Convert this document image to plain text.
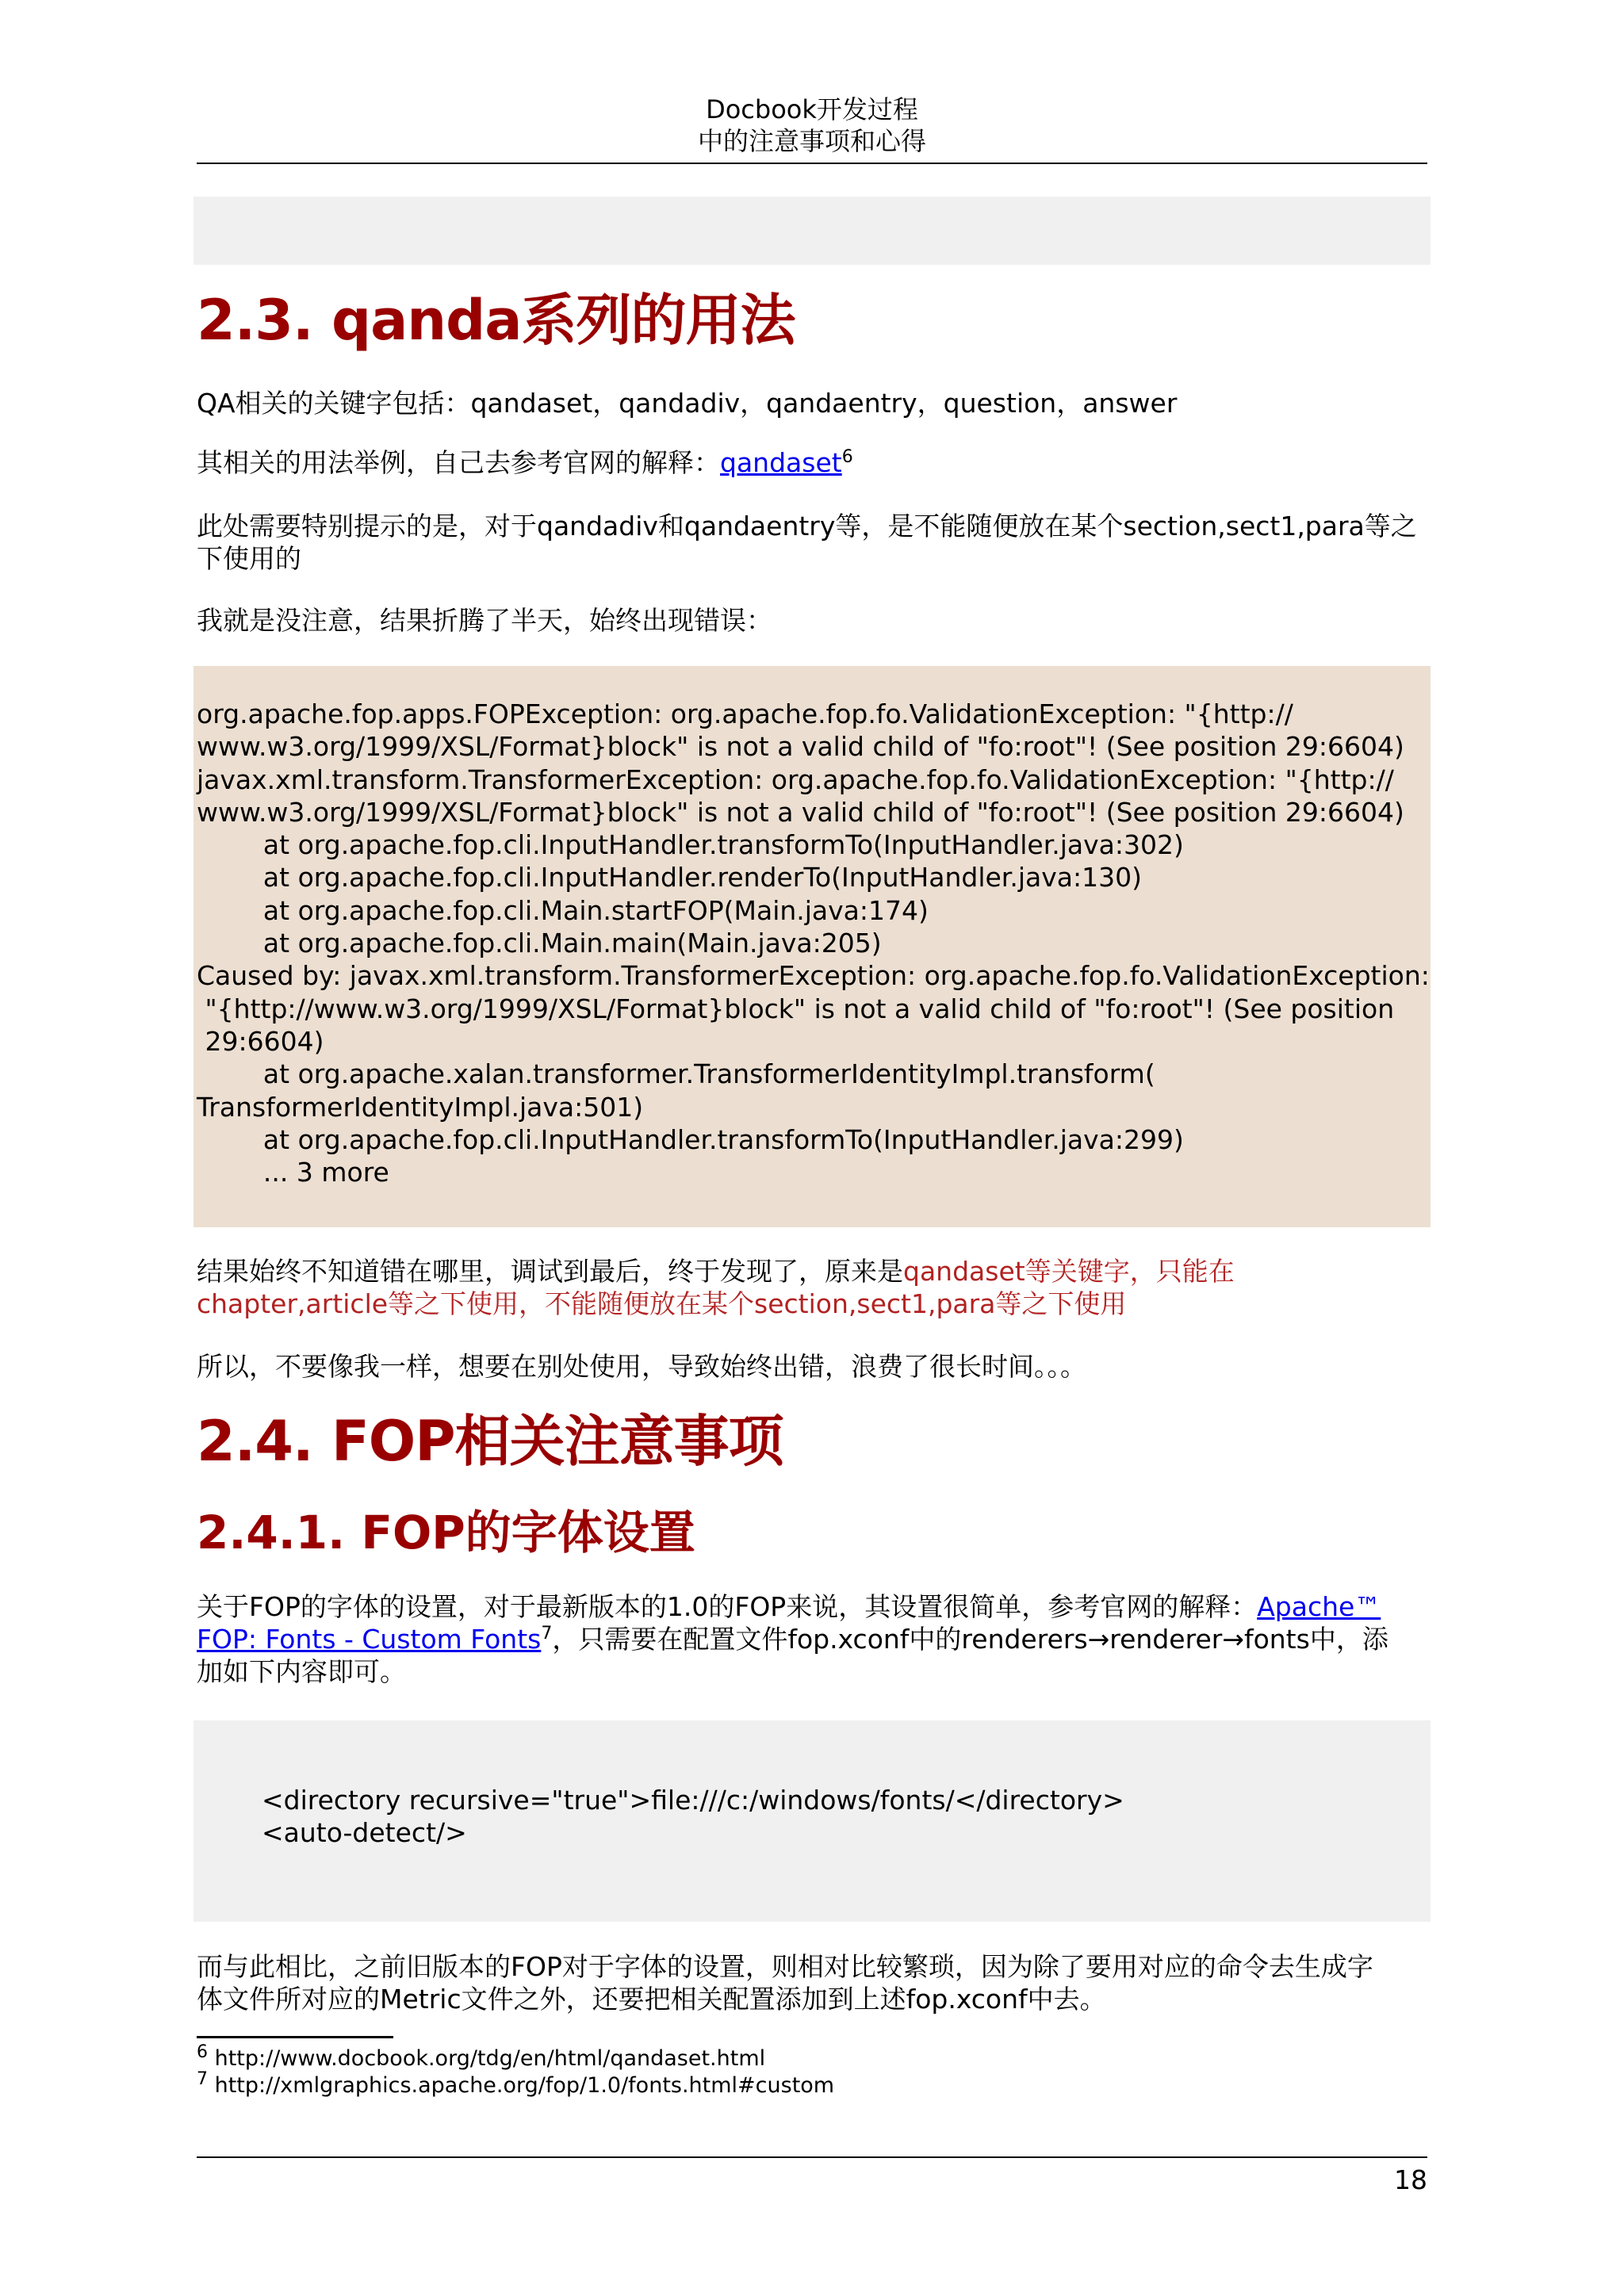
Docbook开发过程
中的注意事项和心得
2.3. qanda系列的用法
QA相关的关键字包括：qandaset，qandadiv，qandaentry，question，answer
其相关的用法举例，自己去参考官网的解释：qandaset$^6$
此处需要特别提示的是，对于qandadiv和qandaentry等，是不能随便放在某个section,sect1,para等之下使用的
我就是没注意，结果折腾了半天，始终出现错误：
org.apache.fop.apps.FOPException: org.apache.fop.fo.ValidationException: "{http://
www.w3.org/1999/XSL/Format}block" is not a valid child of "fo:root"! (See position 29:6604)
javax.xml.transform.TransformerException: org.apache.fop.fo.ValidationException: "{http://
www.w3.org/1999/XSL/Format}block" is not a valid child of "fo:root"! (See position 29:6604)
at org.apache.fop.cli.InputHandler.transformTo(InputHandler.java:302)
at org.apache.fop.cli.InputHandler.renderTo(InputHandler.java:130)
at org.apache.fop.cli.Main.startFOP(Main.java:174)
at org.apache.fop.cli.Main.main(Main.java:205)
Caused by: javax.xml.transform.TransformerException: org.apache.fop.fo.ValidationException:
"{http://www.w3.org/1999/XSL/Format}block" is not a valid child of "fo:root"! (See position
29:6604)
at org.apache.xalan.transformer.TransformerIdentityImpl.transform(
TransformerIdentityImpl.java:501)
at org.apache.fop.cli.InputHandler.transformTo(InputHandler.java:299)
... 3 more
结果始终不知道错在哪里，调试到最后，终于发现了，原来是qandaset等关键字，只能在
chapter,article等之下使用，不能随便放在某个section,sect1,para等之下使用
所以，不要像我一样，想要在别处使用，导致始终出错，浪费了很长时间。。。
2.4. FOP相关注意事项
2.4.1. FOP的字体设置
关于FOP的字体的设置，对于最新版本的1.0的FOP来说，其设置很简单，参考官网的解释：Apache™
FOP: Fonts - Custom Fonts$^7$，只需要在配置文件fop.xconf中的renderers→renderer→fonts中，添
加如下内容即可。
<directory recursive="true">file:///c:/windows/fonts/</directory>
<auto-detect/>
而与此相比，之前旧版本的FOP对于字体的设置，则相对比较繁琐，因为除了要用对应的命令去生成字
体文件所对应的Metric文件之外，还要把相关配置添加到上述fop.xconf中去。
$^6$ http://www.docbook.org/tdg/en/html/qandaset.html
$^7$ http://xmlgraphics.apache.org/fop/1.0/fonts.html#custom
18
